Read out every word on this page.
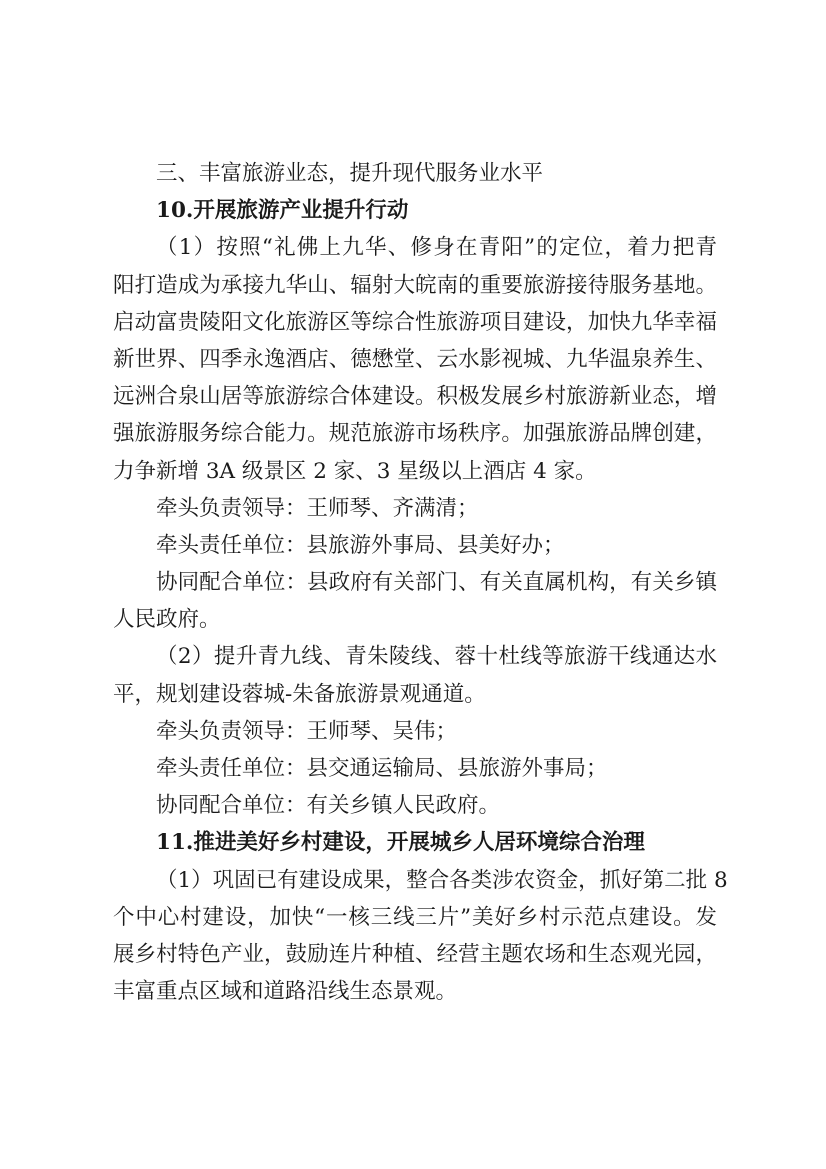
三、丰富旅游业态，提升现代服务业水平
10.开展旅游产业提升行动
（1）按照“礼佛上九华、修身在青阳”的定位，着力把青
阳打造成为承接九华山、辐射大皖南的重要旅游接待服务基地。
启动富贵陵阳文化旅游区等综合性旅游项目建设，加快九华幸福
新世界、四季永逸酒店、德懋堂、云水影视城、九华温泉养生、
远洲合泉山居等旅游综合体建设。积极发展乡村旅游新业态，增
强旅游服务综合能力。规范旅游市场秩序。加强旅游品牌创建，
力争新增 3A 级景区 2 家、3 星级以上酒店 4 家。
牵头负责领导：王师琴、齐满清；
牵头责任单位：县旅游外事局、县美好办；
协同配合单位：县政府有关部门、有关直属机构，有关乡镇
人民政府。
（2）提升青九线、青朱陵线、蓉十杜线等旅游干线通达水
平，规划建设蓉城-朱备旅游景观通道。
牵头负责领导：王师琴、吴伟；
牵头责任单位：县交通运输局、县旅游外事局；
协同配合单位：有关乡镇人民政府。
11.推进美好乡村建设，开展城乡人居环境综合治理
（1）巩固已有建设成果，整合各类涉农资金，抓好第二批 8
个中心村建设，加快“一核三线三片”美好乡村示范点建设。发
展乡村特色产业，鼓励连片种植、经营主题农场和生态观光园，
丰富重点区域和道路沿线生态景观。
